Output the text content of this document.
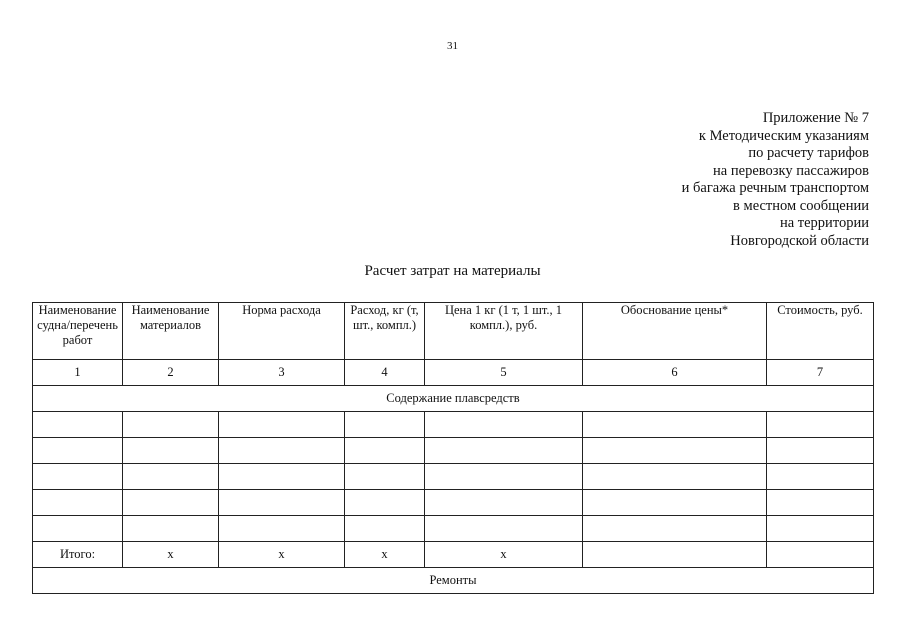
31
Приложение № 7
к Методическим указаниям
по расчету тарифов
на перевозку пассажиров
и багажа речным транспортом
в местном сообщении
на территории
Новгородской области
Расчет затрат на материалы
Наименование судна/перечень работ	Наименование материалов	Норма расхода	Расход, кг (т, шт., компл.)	Цена 1 кг (1 т, 1 шт., 1 компл.), руб.	Обоснование цены*	Стоимость, руб.
1	2	3	4	5	6	7
Содержание плавсредств						

Итого:	х	х	х	х		
Ремонты						
